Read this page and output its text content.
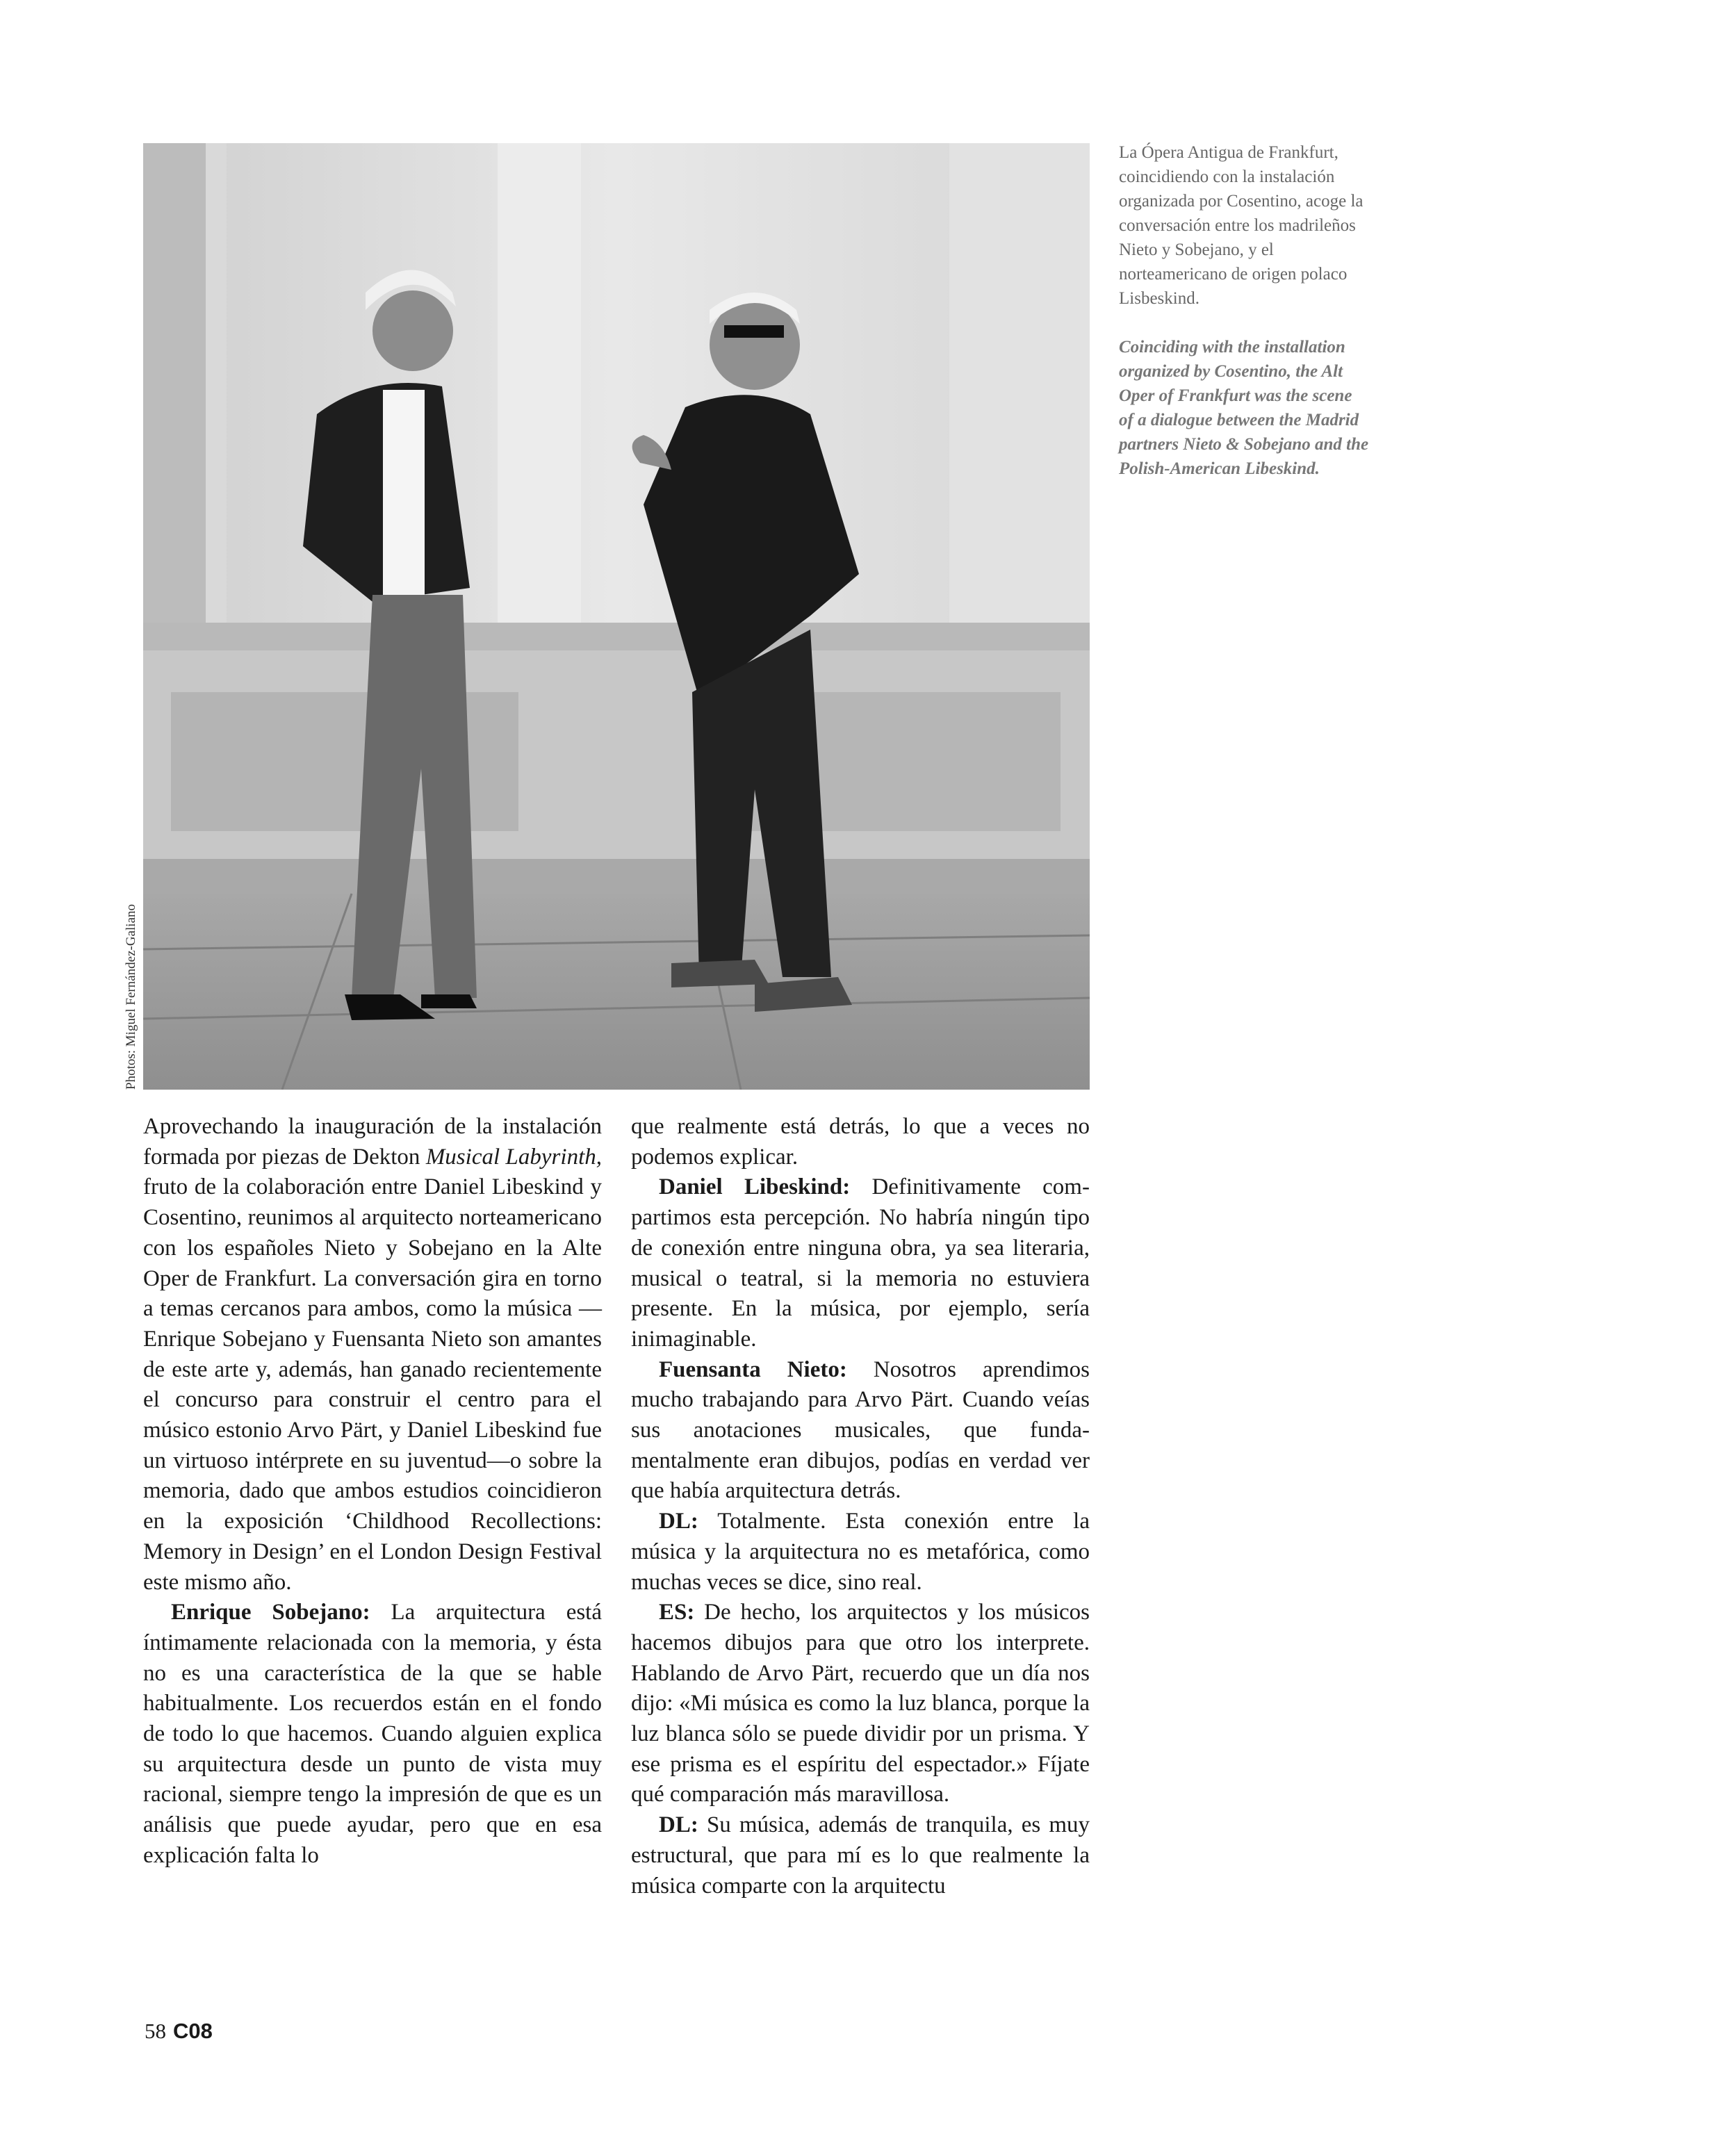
Photos: Miguel Fernández-Galiano

La Ópera Antigua de Frankfurt, coincidiendo con la instalación organizada por Cosentino, acoge la conversación entre los madrileños Nieto y Sobejano, y el norteamericano de origen polaco Lisbeskind.

Coinciding with the installation organized by Cosentino, the Alt Oper of Frankfurt was the scene of a dialogue between the Madrid partners Nieto & Sobejano and the Polish-American Libeskind.

Aprovechando la inauguración de la instalación formada por piezas de Dekton Musical Labyrinth, fruto de la colaboración entre Daniel Libeskind y Cosentino, reunimos al arquitecto norteamericano con los españoles Nieto y Sobejano en la Alte Oper de Frankfurt. La conversación gira en torno a temas cercanos para ambos, como la música —Enrique Sobejano y Fuensanta Nieto son amantes de este arte y, además, han ganado recientemente el concurso para construir el centro para el músico estonio Arvo Pärt, y Daniel Libeskind fue un virtuoso intérprete en su juventud—o sobre la memoria, dado que ambos estudios coincidieron en la exposición ‘Childhood Recollections: Memory in Design’ en el London Design Festival este mismo año.

Enrique Sobejano: La arquitectura está íntimamente relacionada con la memoria, y ésta no es una característica de la que se hable habitualmente. Los recuerdos están en el fondo de todo lo que hacemos. Cuando alguien explica su arquitectura desde un punto de vista muy racional, siempre tengo la impresión de que es un análisis que puede ayudar, pero que en esa explicación falta lo

que realmente está detrás, lo que a veces no podemos explicar.

Daniel Libeskind: Definitivamente compartimos esta percepción. No habría ningún tipo de conexión entre ninguna obra, ya sea literaria, musical o teatral, si la memoria no estuviera presente. En la música, por ejemplo, sería inimaginable.

Fuensanta Nieto: Nosotros aprendimos mucho trabajando para Arvo Pärt. Cuando veías sus anotaciones musicales, que fundamentalmente eran dibujos, podías en verdad ver que había arquitectura detrás.

DL: Totalmente. Esta conexión entre la música y la arquitectura no es metafórica, como muchas veces se dice, sino real.

ES: De hecho, los arquitectos y los músicos hacemos dibujos para que otro los interprete. Hablando de Arvo Pärt, recuerdo que un día nos dijo: «Mi música es como la luz blanca, porque la luz blanca sólo se puede dividir por un prisma. Y ese prisma es el espíritu del espectador.» Fíjate qué comparación más maravillosa.

DL: Su música, además de tranquila, es muy estructural, que para mí es lo que realmente la música comparte con la arquitectu

58 C08
